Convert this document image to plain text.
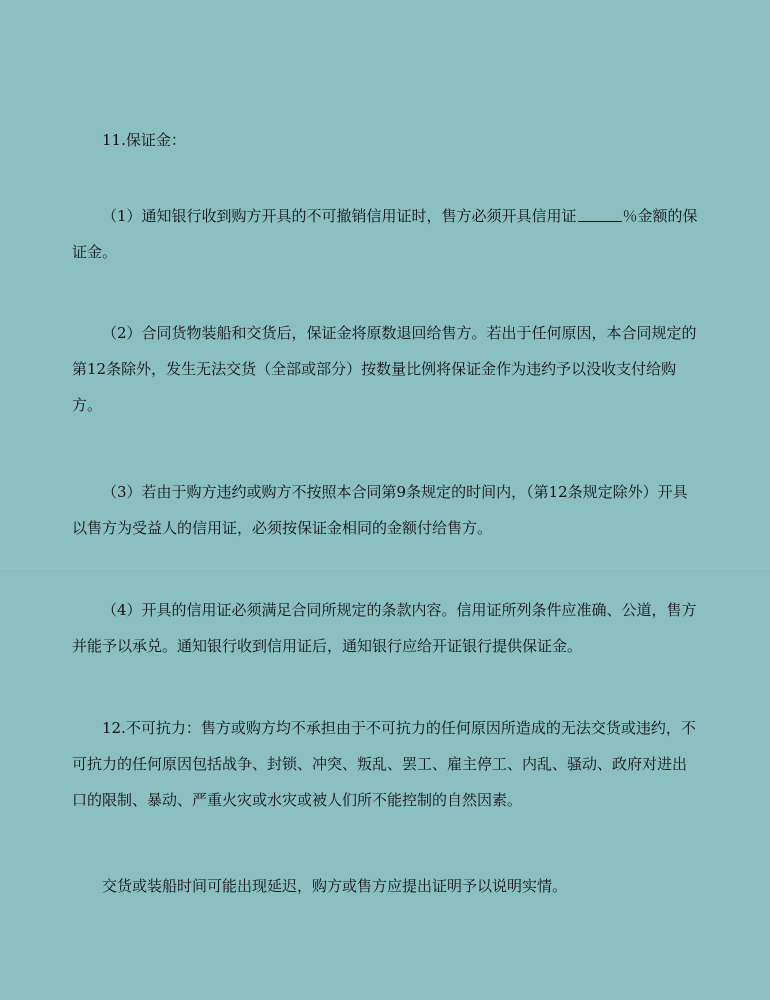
11.保证金：

（1）通知银行收到购方开具的不可撤销信用证时，售方必须开具信用证	％金额的保
证金。

（2）合同货物装船和交货后，保证金将原数退回给售方。若出于任何原因，本合同规定的
第12条除外，发生无法交货（全部或部分）按数量比例将保证金作为违约予以没收支付给购
方。

（3）若由于购方违约或购方不按照本合同第9条规定的时间内，（第12条规定除外）开具
以售方为受益人的信用证，必须按保证金相同的金额付给售方。

（4）开具的信用证必须满足合同所规定的条款内容。信用证所列条件应准确、公道，售方
并能予以承兑。通知银行收到信用证后，通知银行应给开证银行提供保证金。

12.不可抗力：售方或购方均不承担由于不可抗力的任何原因所造成的无法交货或违约，不
可抗力的任何原因包括战争、封锁、冲突、叛乱、罢工、雇主停工、内乱、骚动、政府对进出
口的限制、暴动、严重火灾或水灾或被人们所不能控制的自然因素。

交货或装船时间可能出现延迟，购方或售方应提出证明予以说明实情。
